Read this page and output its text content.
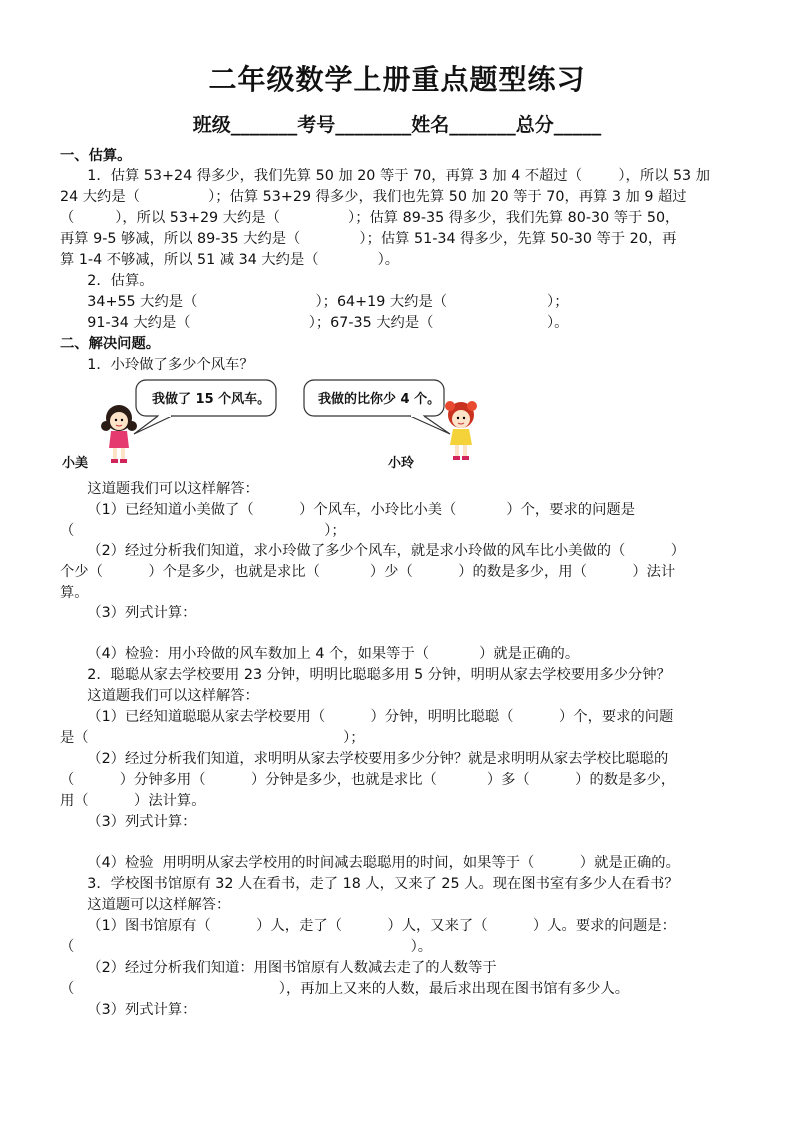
二年级数学上册重点题型练习
班级_______考号________姓名_______总分_____
一、估算。
1．估算 53+24 得多少，我们先算 50 加 20 等于 70，再算 3 加 4 不超过（        ），所以 53 加
24 大约是（               ）；估算 53+29 得多少，我们也先算 50 加 20 等于 70，再算 3 加 9 超过
（         ），所以 53+29 大约是（               ）；估算 89-35 得多少，我们先算 80-30 等于 50，
再算 9-5 够减，所以 89-35 大约是（             ）；估算 51-34 得多少，先算 50-30 等于 20，再
算 1-4 不够减，所以 51 减 34 大约是（             ）。
2．估算。
34+55 大约是（                          ）；64+19 大约是（                      ）；
91-34 大约是（                          ）；67-35 大约是（                         ）。
二、解决问题。
1．小玲做了多少个风车？
我做了 15 个风车。	我做的比你少 4 个。
小美	小玲
这道题我们可以这样解答：
（1）已经知道小美做了（          ）个风车，小玲比小美（           ）个，要求的问题是
（                                                       ）；
（2）经过分析我们知道，求小玲做了多少个风车，就是求小玲做的风车比小美做的（          ）
个少（          ）个是多少，也就是求比（           ）少（          ）的数是多少，用（          ）法计
算。
（3）列式计算：
（4）检验：用小玲做的风车数加上 4 个，如果等于（           ）就是正确的。
2．聪聪从家去学校要用 23 分钟，明明比聪聪多用 5 分钟，明明从家去学校要用多少分钟？
这道题我们可以这样解答：
（1）已经知道聪聪从家去学校要用（          ）分钟，明明比聪聪（          ）个，要求的问题
是（                                                        ）；
（2）经过分析我们知道，求明明从家去学校要用多少分钟？就是求明明从家去学校比聪聪的
（          ）分钟多用（          ）分钟是多少，也就是求比（           ）多（          ）的数是多少，
用（          ）法计算。
（3）列式计算：
（4）检验  用明明从家去学校用的时间减去聪聪用的时间，如果等于（          ）就是正确的。
3．学校图书馆原有 32 人在看书，走了 18 人，又来了 25 人。现在图书室有多少人在看书？
这道题可以这样解答：
（1）图书馆原有（          ）人，走了（          ）人，又来了（          ）人。要求的问题是：
（                                                                          ）。
（2）经过分析我们知道：用图书馆原有人数减去走了的人数等于
（                                             ），再加上又来的人数，最后求出现在图书馆有多少人。
（3）列式计算：
